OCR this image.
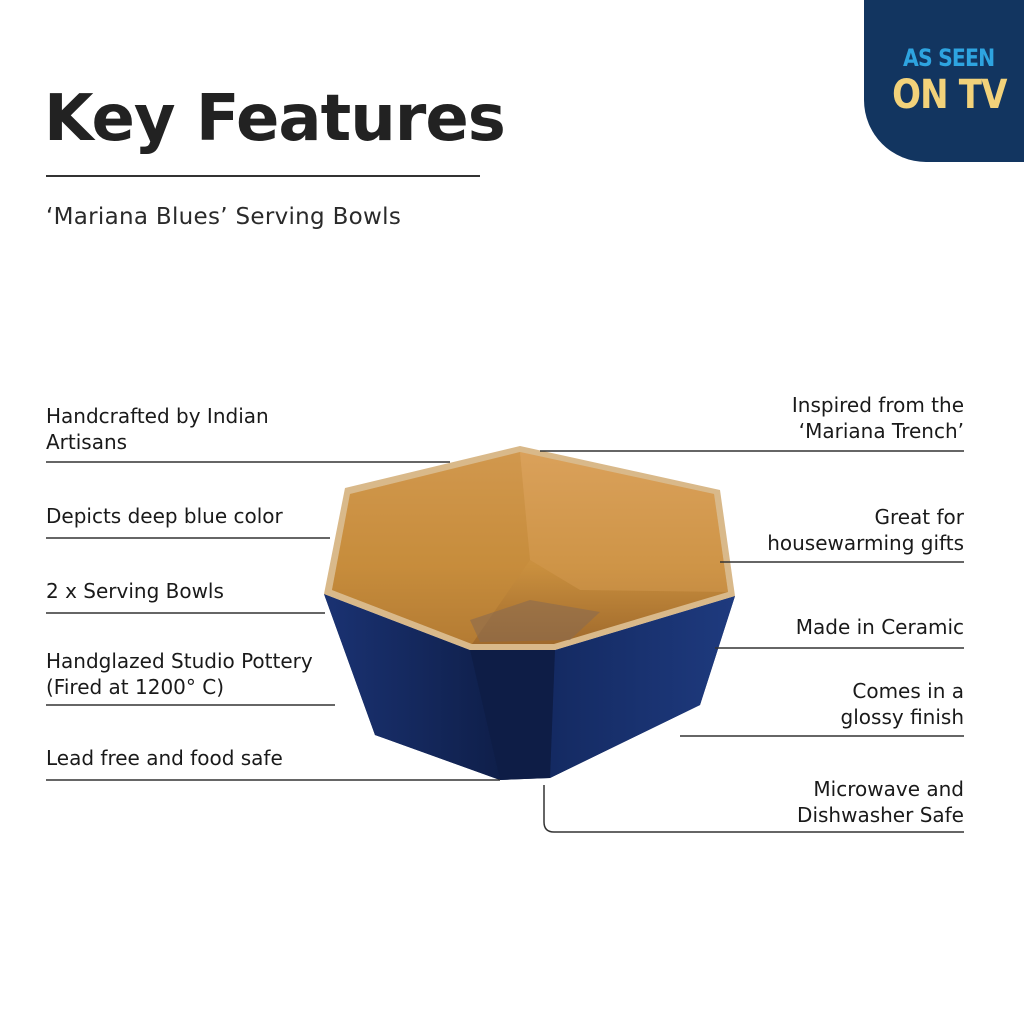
Key Features
‘Mariana Blues’ Serving Bowls
AS SEEN
ON TV
Handcrafted by Indian Artisans
Depicts deep blue color
2 x Serving Bowls
Handglazed Studio Pottery (Fired at 1200° C)
Lead free and food safe
Inspired from the ‘Mariana Trench’
Great for housewarming gifts
Made in Ceramic
Comes in a glossy finish
Microwave and Dishwasher Safe
